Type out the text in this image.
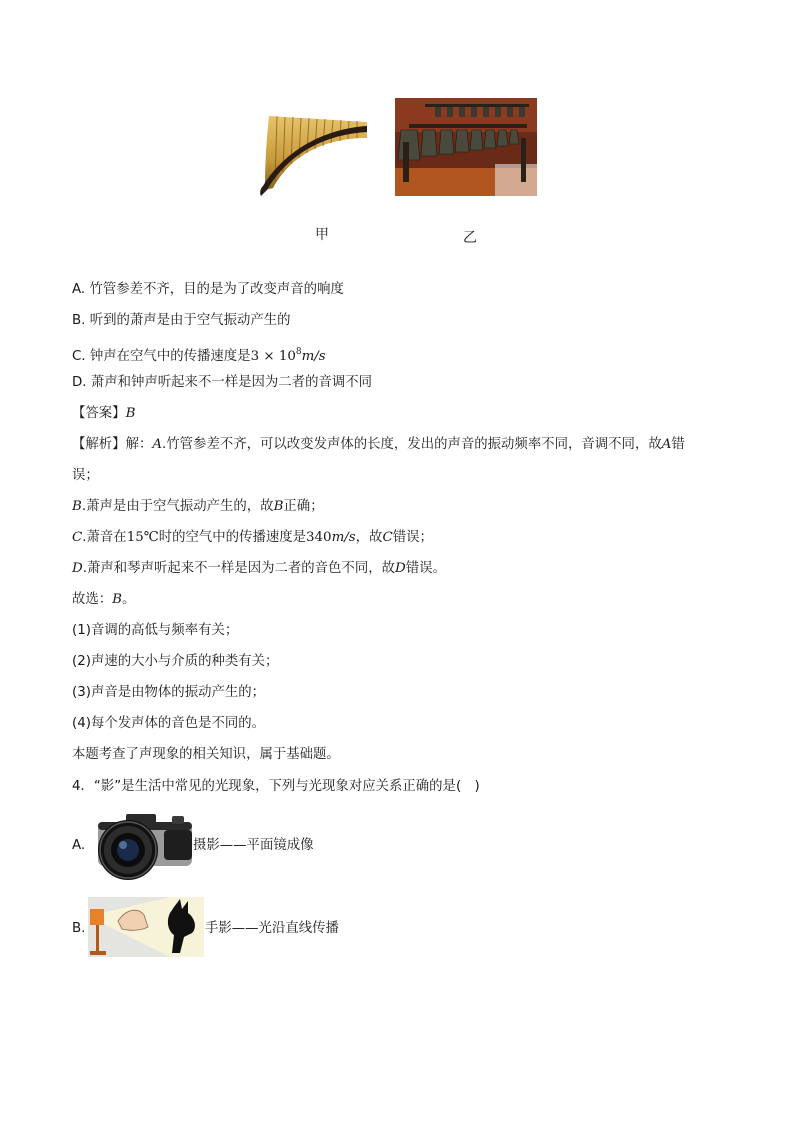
甲	乙
A. 竹管参差不齐，目的是为了改变声音的响度
B. 听到的萧声是由于空气振动产生的
C. 钟声在空气中的传播速度是$3 \times 10^8m/s$
D. 萧声和钟声听起来不一样是因为二者的音调不同
【答案】B
【解析】解：A.竹管参差不齐，可以改变发声体的长度，发出的声音的振动频率不同，音调不同，故A错
误；
B.萧声是由于空气振动产生的，故B正确；
C.萧音在15℃时的空气中的传播速度是340m/s，故C错误；
D.萧声和琴声听起来不一样是因为二者的音色不同，故D错误。
故选：B。
(1)音调的高低与频率有关；
(2)声速的大小与介质的种类有关；
(3)声音是由物体的振动产生的；
(4)每个发声体的音色是不同的。
本题考查了声现象的相关知识，属于基础题。
4．“影”是生活中常见的光现象，下列与光现象对应关系正确的是(　)
A.	摄影——平面镜成像
B.	手影——光沿直线传播
